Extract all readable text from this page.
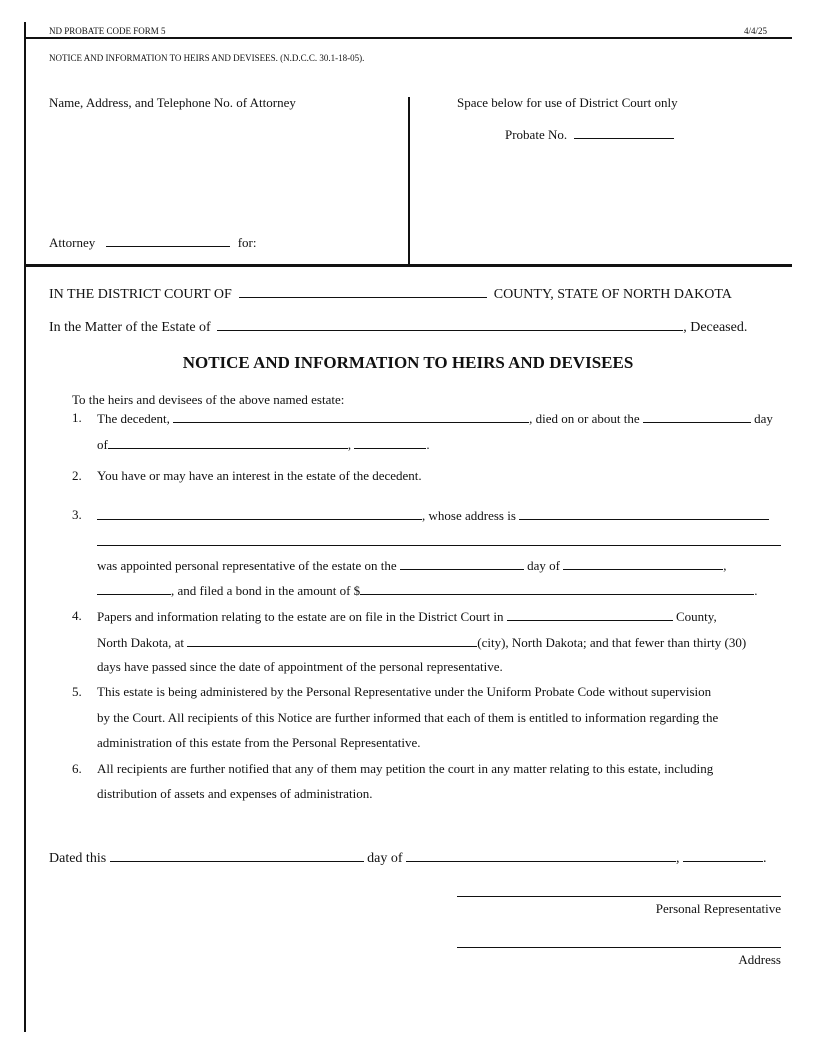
ND PROBATE CODE FORM 5	4/4/25
NOTICE AND INFORMATION TO HEIRS AND DEVISEES. (N.D.C.C. 30.1-18-05).
Name, Address, and Telephone No. of Attorney
Attorney	for:
Space below for use of District Court only
Probate No.
IN THE DISTRICT COURT OF	COUNTY, STATE OF NORTH DAKOTA
In the Matter of the Estate of	, Deceased.
NOTICE AND INFORMATION TO HEIRS AND DEVISEES
To the heirs and devisees of the above named estate:
1. The decedent,	, died on or about the	day
of	,	.
2. You have or may have an interest in the estate of the decedent.
3.	, whose address is
was appointed personal representative of the estate on the	day of	,
, and filed a bond in the amount of $	.
4. Papers and information relating to the estate are on file in the District Court in	County,
North Dakota, at	(city), North Dakota; and that fewer than thirty (30)
days have passed since the date of appointment of the personal representative.
5. This estate is being administered by the Personal Representative under the Uniform Probate Code without supervision
by the Court. All recipients of this Notice are further informed that each of them is entitled to information regarding the
administration of this estate from the Personal Representative.
6. All recipients are further notified that any of them may petition the court in any matter relating to this estate, including
distribution of assets and expenses of administration.
Dated this	day of	,	.
Personal Representative
Address
